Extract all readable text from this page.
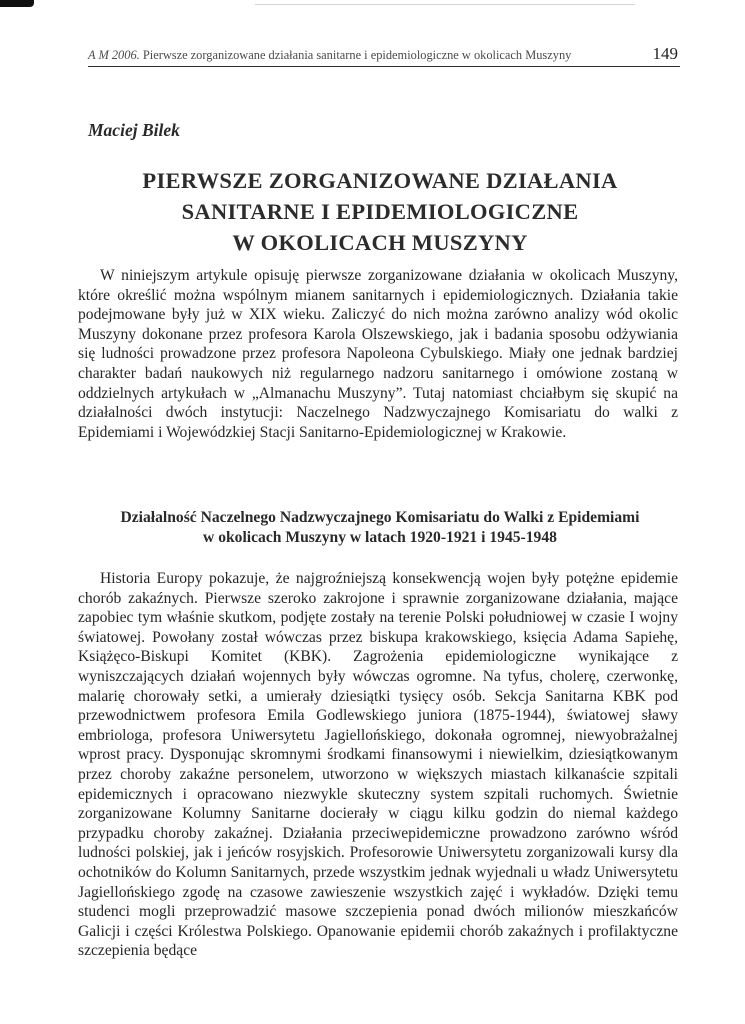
A M 2006. Pierwsze zorganizowane działania sanitarne i epidemiologiczne w okolicach Muszyny	149
Maciej Bilek
PIERWSZE ZORGANIZOWANE DZIAŁANIA
SANITARNE I EPIDEMIOLOGICZNE
W OKOLICACH MUSZYNY

W niniejszym artykule opisuję pierwsze zorganizowane działania w okolicach Muszyny, które określić można wspólnym mianem sanitarnych i epidemiologicznych. Działania takie podejmowane były już w XIX wieku. Zaliczyć do nich można zarówno analizy wód okolic Muszyny dokonane przez profesora Karola Olszewskiego, jak i badania sposobu odżywiania się ludności prowadzone przez profesora Napoleona Cybulskiego. Miały one jednak bardziej charakter badań naukowych niż regularnego nadzoru sanitarnego i omówione zostaną w oddzielnych artykułach w „Almanachu Muszyny”. Tutaj natomiast chciałbym się skupić na działalności dwóch instytucji: Naczelnego Nadzwyczajnego Komisariatu do walki z Epidemiami i Wojewódzkiej Stacji Sanitarno-Epidemiologicznej w Krakowie.

Działalność Naczelnego Nadzwyczajnego Komisariatu do Walki z Epidemiami
w okolicach Muszyny w latach 1920-1921 i 1945-1948

Historia Europy pokazuje, że najgroźniejszą konsekwencją wojen były potężne epidemie chorób zakaźnych. Pierwsze szeroko zakrojone i sprawnie zorganizowane działania, mające zapobiec tym właśnie skutkom, podjęte zostały na terenie Polski południowej w czasie I wojny światowej. Powołany został wówczas przez biskupa krakowskiego, księcia Adama Sapiehę, Książęco-Biskupi Komitet (KBK). Zagrożenia epidemiologiczne wynikające z wyniszczających działań wojennych były wówczas ogromne. Na tyfus, cholerę, czerwonkę, malarię chorowały setki, a umierały dziesiątki tysięcy osób. Sekcja Sanitarna KBK pod przewodnictwem profesora Emila Godlewskiego juniora (1875-1944), światowej sławy embriologa, profesora Uniwersytetu Jagiellońskiego, dokonała ogromnej, niewyobrażalnej wprost pracy. Dysponując skromnymi środkami finansowymi i niewielkim, dziesiątkowanym przez choroby zakaźne personelem, utworzono w większych miastach kilkanaście szpitali epidemicznych i opracowano niezwykle skuteczny system szpitali ruchomych. Świetnie zorganizowane Kolumny Sanitarne docierały w ciągu kilku godzin do niemal każdego przypadku choroby zakaźnej. Działania przeciwepidemiczne prowadzono zarówno wśród ludności polskiej, jak i jeńców rosyjskich. Profesorowie Uniwersytetu zorganizowali kursy dla ochotników do Kolumn Sanitarnych, przede wszystkim jednak wyjednali u władz Uniwersytetu Jagiellońskiego zgodę na czasowe zawieszenie wszystkich zajęć i wykładów. Dzięki temu studenci mogli przeprowadzić masowe szczepienia ponad dwóch milionów mieszkańców Galicji i części Królestwa Polskiego. Opanowanie epidemii chorób zakaźnych i profilaktyczne szczepienia będące
